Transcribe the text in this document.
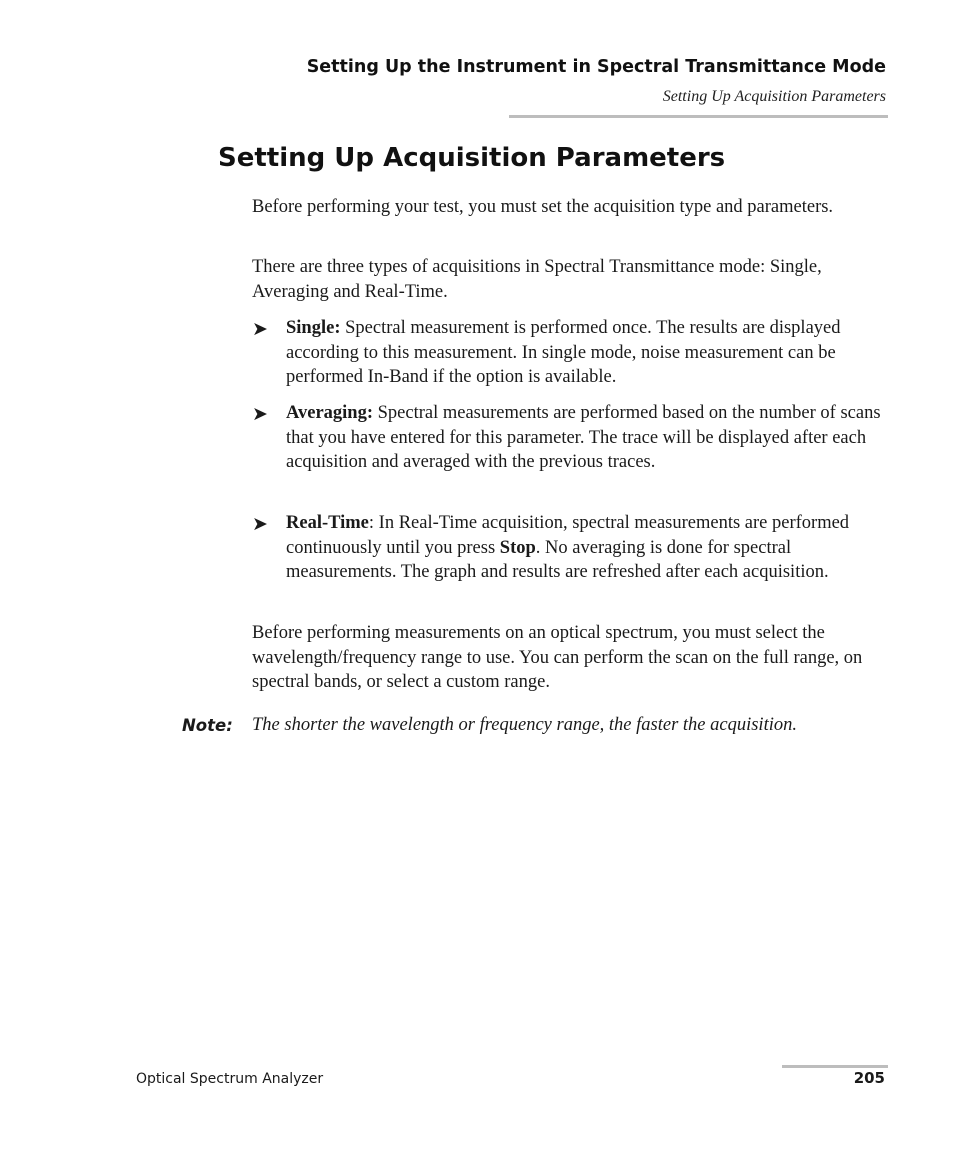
Setting Up the Instrument in Spectral Transmittance Mode
Setting Up Acquisition Parameters
Setting Up Acquisition Parameters

Before performing your test, you must set the acquisition type and parameters.

There are three types of acquisitions in Spectral Transmittance mode: Single, Averaging and Real-Time.

➤ Single: Spectral measurement is performed once. The results are displayed according to this measurement. In single mode, noise measurement can be performed In-Band if the option is available.
➤ Averaging: Spectral measurements are performed based on the number of scans that you have entered for this parameter. The trace will be displayed after each acquisition and averaged with the previous traces.
➤ Real-Time: In Real-Time acquisition, spectral measurements are performed continuously until you press Stop. No averaging is done for spectral measurements. The graph and results are refreshed after each acquisition.

Before performing measurements on an optical spectrum, you must select the wavelength/frequency range to use. You can perform the scan on the full range, on spectral bands, or select a custom range.

Note: The shorter the wavelength or frequency range, the faster the acquisition.
Optical Spectrum Analyzer	205
